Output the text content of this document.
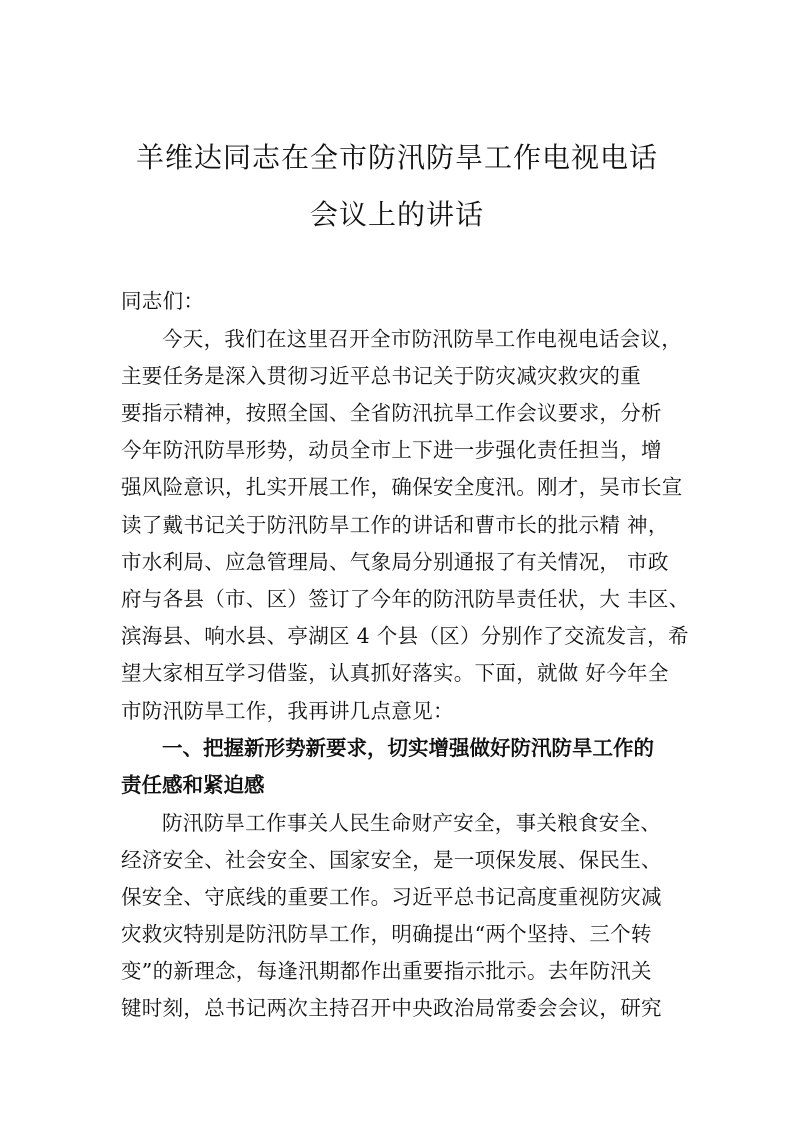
羊维达同志在全市防汛防旱工作电视电话
会议上的讲话
同志们：
今天，我们在这里召开全市防汛防旱工作电视电话会议，
主要任务是深入贯彻习近平总书记关于防灾减灾救灾的重
要指示精神，按照全国、全省防汛抗旱工作会议要求，分析
今年防汛防旱形势，动员全市上下进一步强化责任担当，增
强风险意识，扎实开展工作，确保安全度汛。刚才，吴市长宣
读了戴书记关于防汛防旱工作的讲话和曹市长的批示精 神，
市水利局、应急管理局、气象局分别通报了有关情况， 市政
府与各县（市、区）签订了今年的防汛防旱责任状，大 丰区、
滨海县、响水县、亭湖区 4 个县（区）分别作了交流发言，希
望大家相互学习借鉴，认真抓好落实。下面，就做 好今年全
市防汛防旱工作，我再讲几点意见：
一、把握新形势新要求，切实增强做好防汛防旱工作的
责任感和紧迫感
防汛防旱工作事关人民生命财产安全，事关粮食安全、
经济安全、社会安全、国家安全，是一项保发展、保民生、
保安全、守底线的重要工作。习近平总书记高度重视防灾减
灾救灾特别是防汛防旱工作，明确提出“两个坚持、三个转
变”的新理念，每逢汛期都作出重要指示批示。去年防汛关
键时刻，总书记两次主持召开中央政治局常委会会议，研究
